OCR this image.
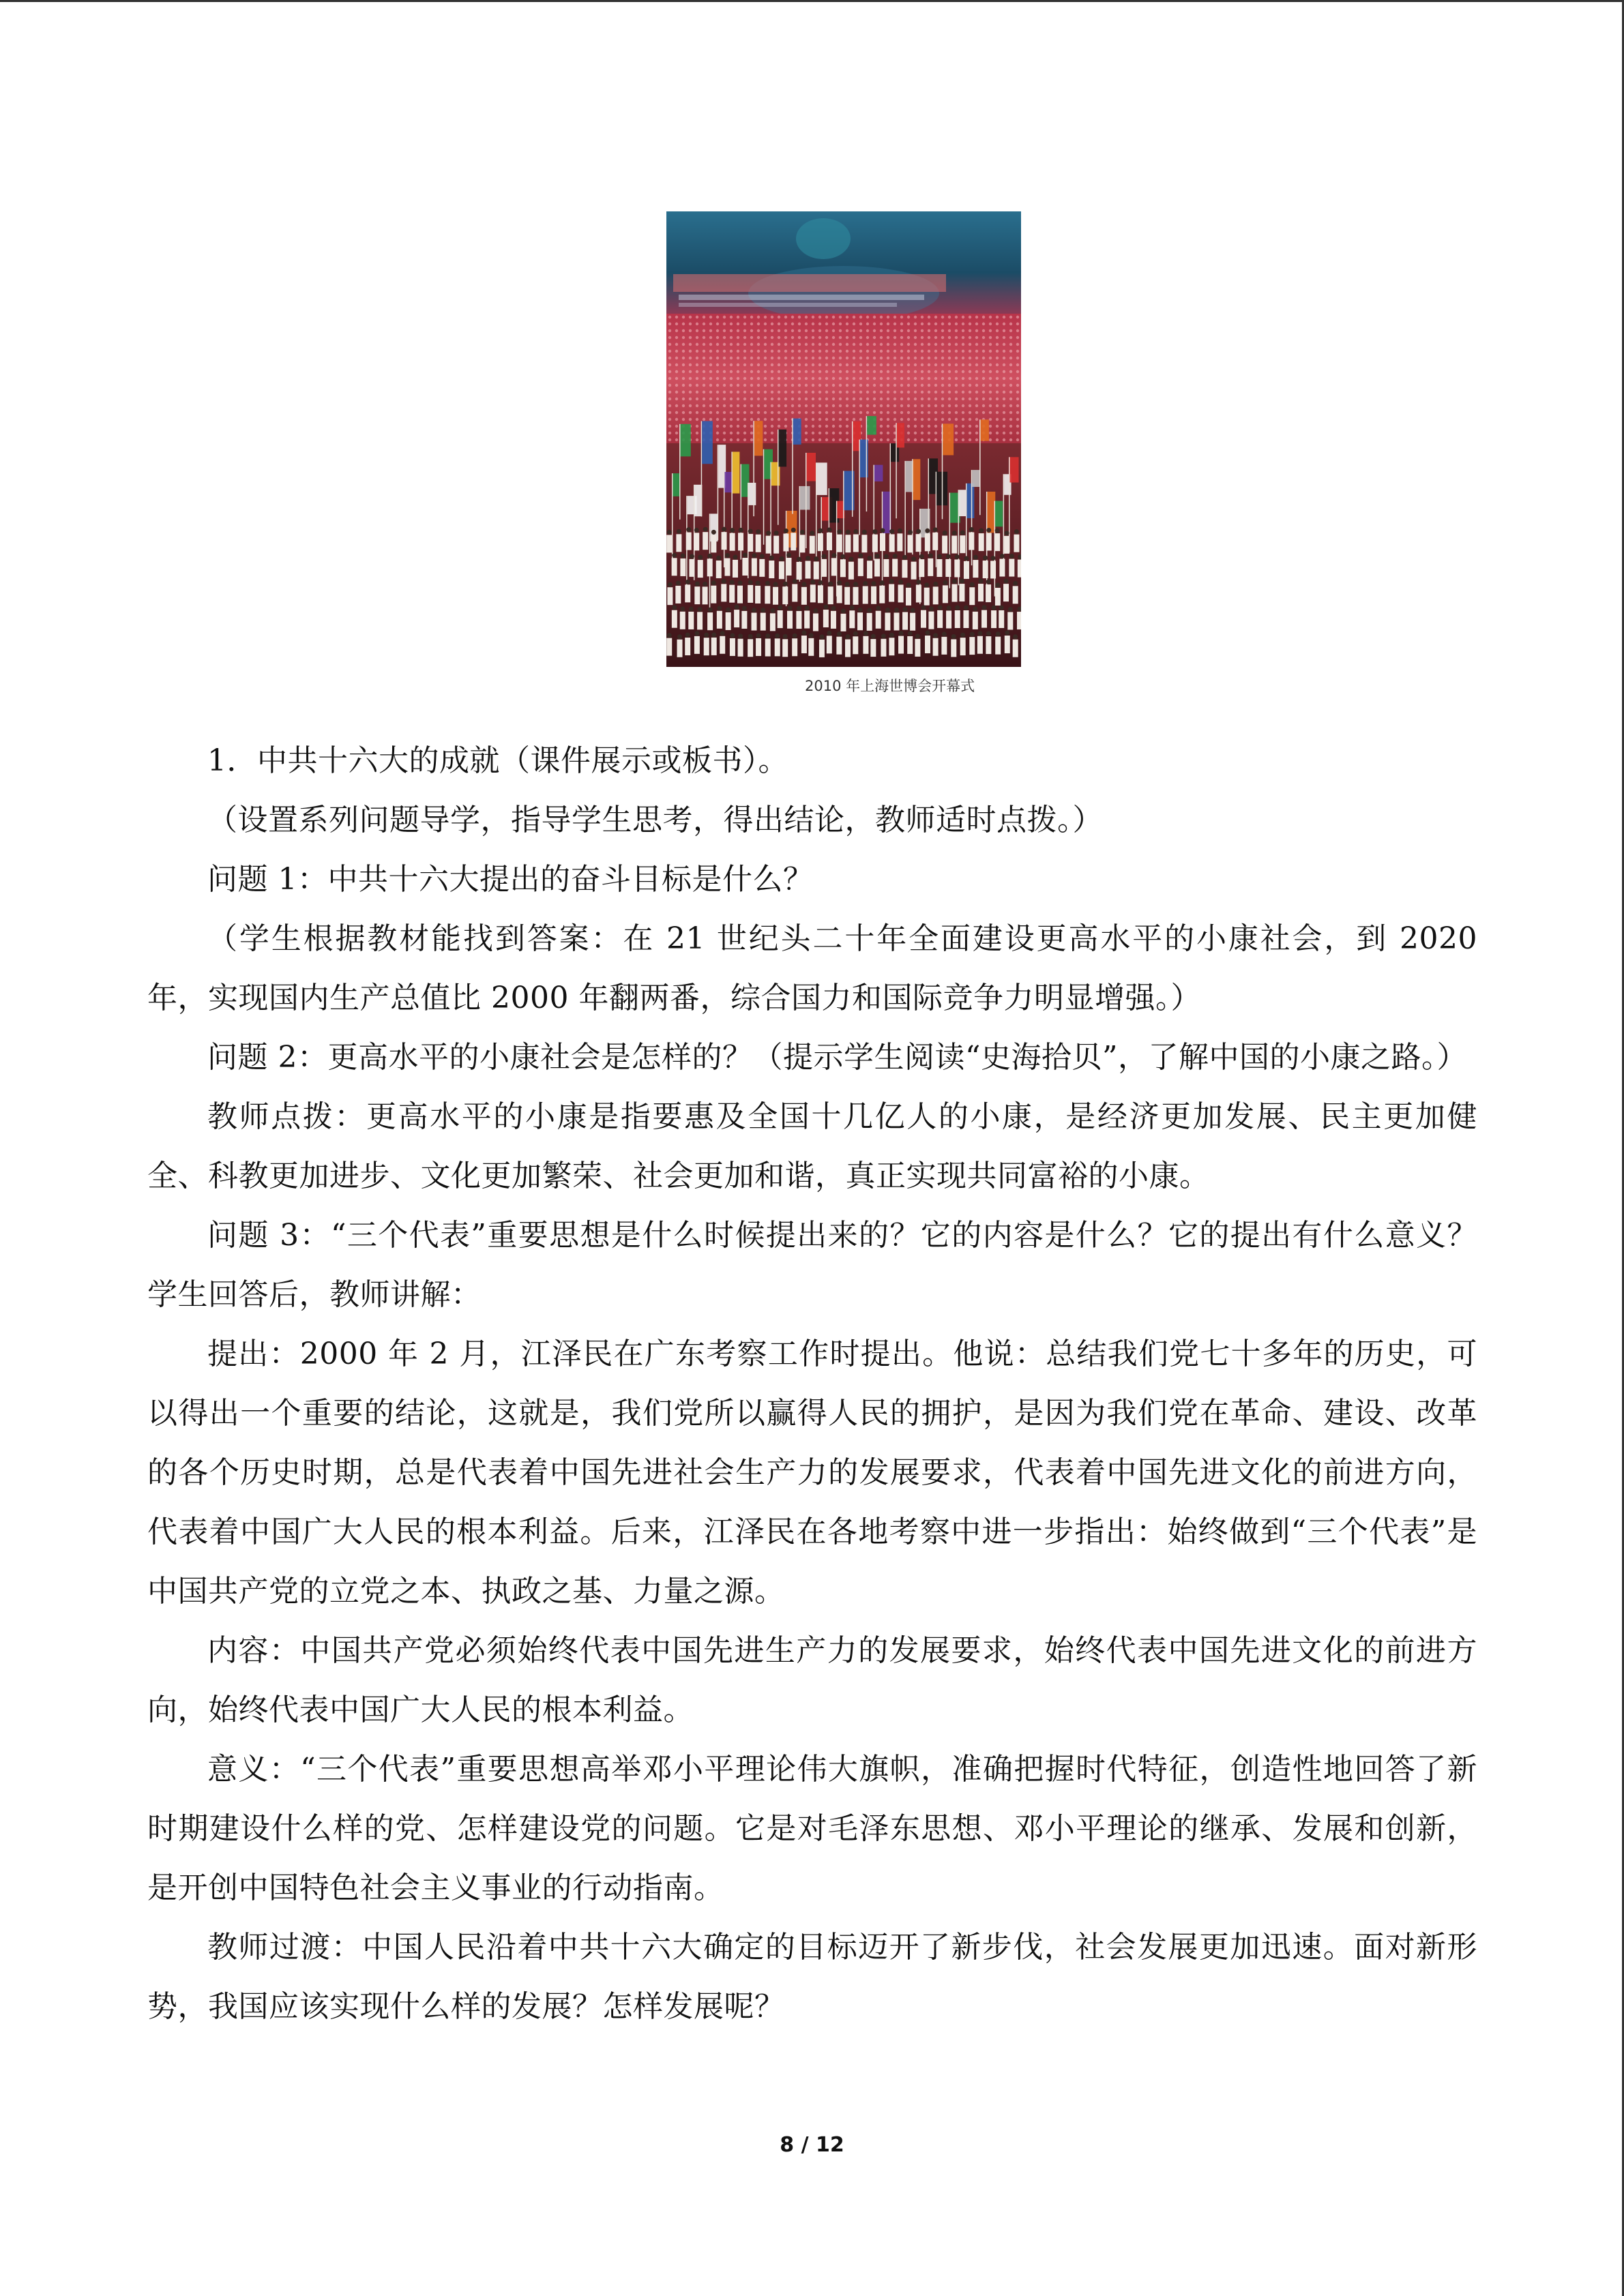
2010 年上海世博会开幕式

1．中共十六大的成就（课件展示或板书）。

（设置系列问题导学，指导学生思考，得出结论，教师适时点拨。）

问题 1：中共十六大提出的奋斗目标是什么？

（学生根据教材能找到答案：在 21 世纪头二十年全面建设更高水平的小康社会，到 2020 年，实现国内生产总值比 2000 年翻两番，综合国力和国际竞争力明显增强。）

问题 2：更高水平的小康社会是怎样的？（提示学生阅读“史海拾贝”，了解中国的小康之路。）

教师点拨：更高水平的小康是指要惠及全国十几亿人的小康，是经济更加发展、民主更加健全、科教更加进步、文化更加繁荣、社会更加和谐，真正实现共同富裕的小康。

问题 3：“三个代表”重要思想是什么时候提出来的？它的内容是什么？它的提出有什么意义？学生回答后，教师讲解：

提出：2000 年 2 月，江泽民在广东考察工作时提出。他说：总结我们党七十多年的历史，可以得出一个重要的结论，这就是，我们党所以赢得人民的拥护，是因为我们党在革命、建设、改革的各个历史时期，总是代表着中国先进社会生产力的发展要求，代表着中国先进文化的前进方向，代表着中国广大人民的根本利益。后来，江泽民在各地考察中进一步指出：始终做到“三个代表”是中国共产党的立党之本、执政之基、力量之源。

内容：中国共产党必须始终代表中国先进生产力的发展要求，始终代表中国先进文化的前进方向，始终代表中国广大人民的根本利益。

意义：“三个代表”重要思想高举邓小平理论伟大旗帜，准确把握时代特征，创造性地回答了新时期建设什么样的党、怎样建设党的问题。它是对毛泽东思想、邓小平理论的继承、发展和创新，是开创中国特色社会主义事业的行动指南。

教师过渡：中国人民沿着中共十六大确定的目标迈开了新步伐，社会发展更加迅速。面对新形势，我国应该实现什么样的发展？怎样发展呢？

8 / 12
